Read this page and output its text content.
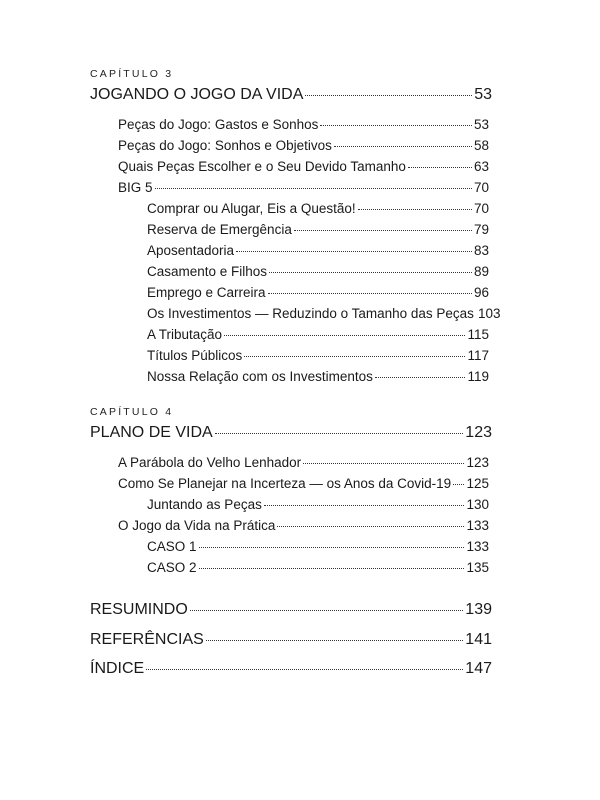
CAPÍTULO 3
JOGANDO O JOGO DA VIDA	53
Peças do Jogo: Gastos e Sonhos	53
Peças do Jogo: Sonhos e Objetivos	58
Quais Peças Escolher e o Seu Devido Tamanho	63
BIG 5	70
Comprar ou Alugar, Eis a Questão!	70
Reserva de Emergência	79
Aposentadoria	83
Casamento e Filhos	89
Emprego e Carreira	96
Os Investimentos — Reduzindo o Tamanho das Peças 103
A Tributação	115
Títulos Públicos	117
Nossa Relação com os Investimentos	119
CAPÍTULO 4
PLANO DE VIDA	123
A Parábola do Velho Lenhador	123
Como Se Planejar na Incerteza — os Anos da Covid-19 125
Juntando as Peças	130
O Jogo da Vida na Prática	133
CASO 1	133
CASO 2	135
RESUMINDO	139
REFERÊNCIAS	141
ÍNDICE	147
